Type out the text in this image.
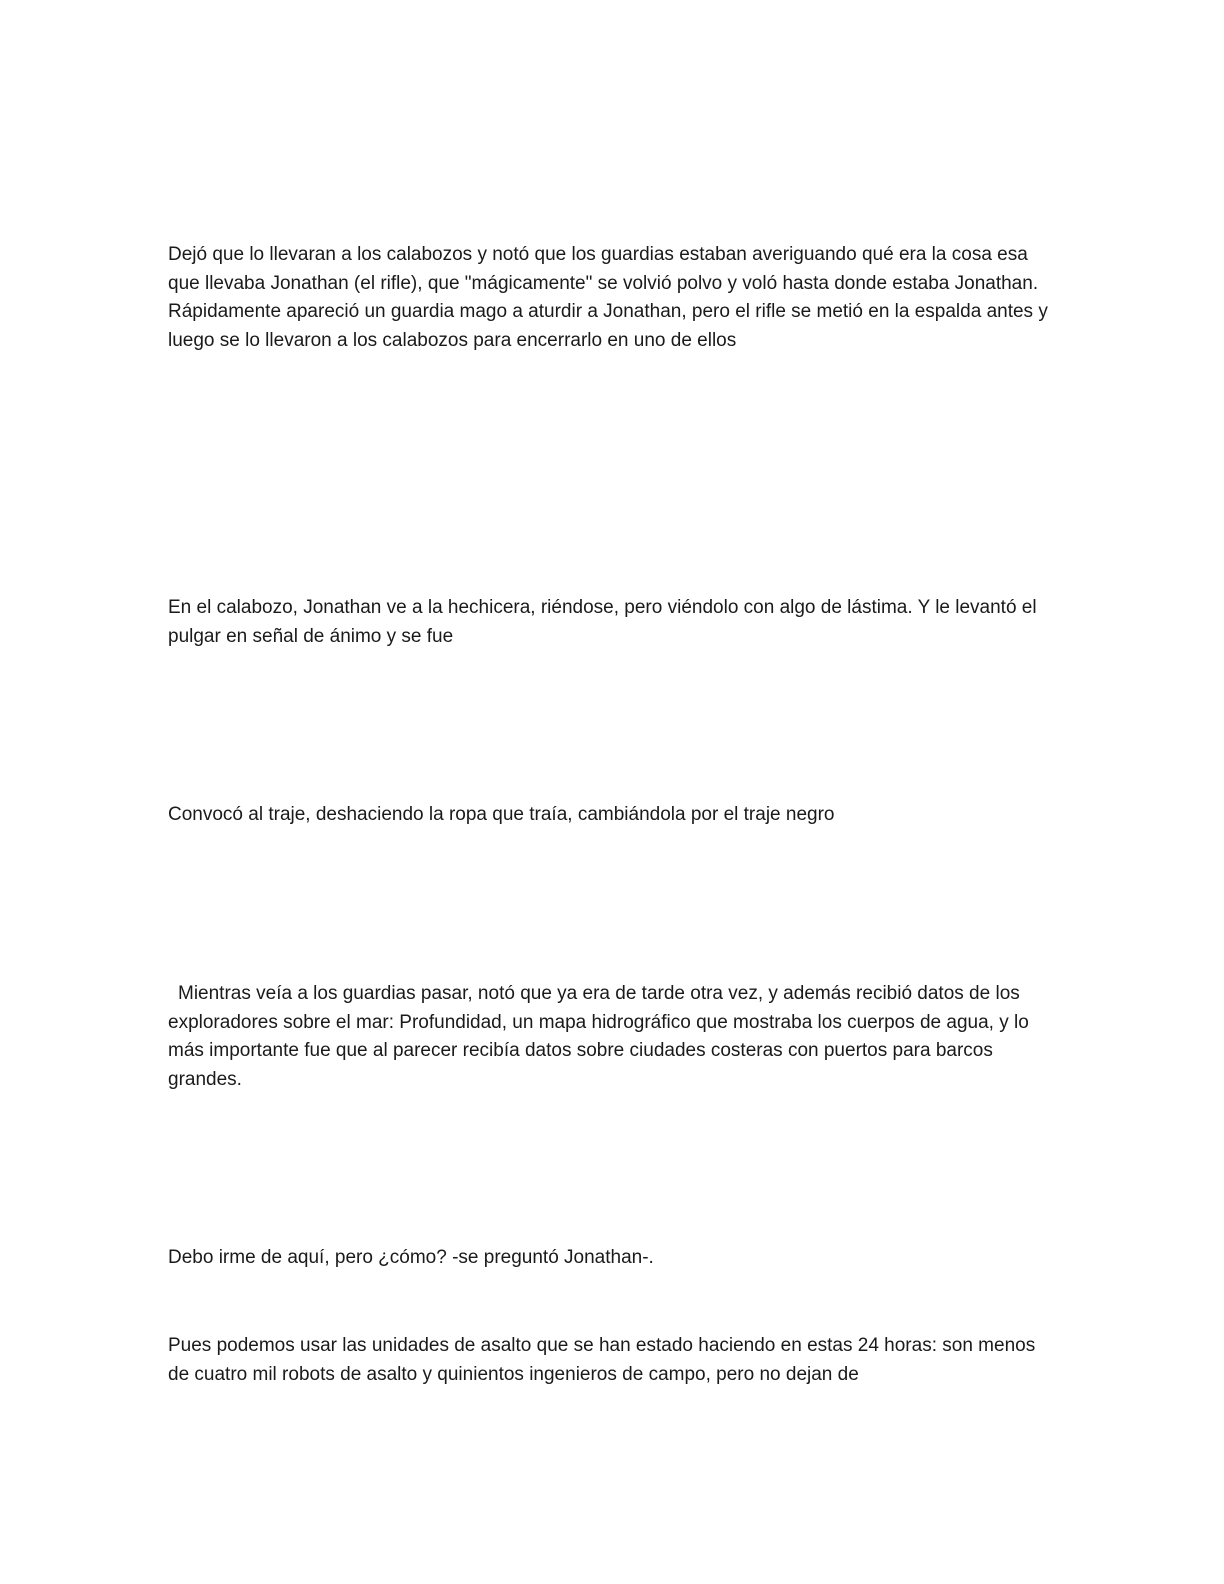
Dejó que lo llevaran a los calabozos y notó que los guardias estaban averiguando qué era la cosa esa que llevaba Jonathan (el rifle), que "mágicamente" se volvió polvo y voló hasta donde estaba Jonathan. Rápidamente apareció un guardia mago a aturdir a Jonathan, pero el rifle se metió en la espalda antes y luego se lo llevaron a los calabozos para encerrarlo en uno de ellos

En el calabozo, Jonathan ve a la hechicera, riéndose, pero viéndolo con algo de lástima. Y le levantó el pulgar en señal de ánimo y se fue

Convocó al traje, deshaciendo la ropa que traía, cambiándola por el traje negro

Mientras veía a los guardias pasar, notó que ya era de tarde otra vez, y además recibió datos de los exploradores sobre el mar: Profundidad, un mapa hidrográfico que mostraba los cuerpos de agua, y lo más importante fue que al parecer recibía datos sobre ciudades costeras con puertos para barcos grandes.

Debo irme de aquí, pero ¿cómo? -se preguntó Jonathan-.

Pues podemos usar las unidades de asalto que se han estado haciendo en estas 24 horas: son menos de cuatro mil robots de asalto y quinientos ingenieros de campo, pero no dejan de
